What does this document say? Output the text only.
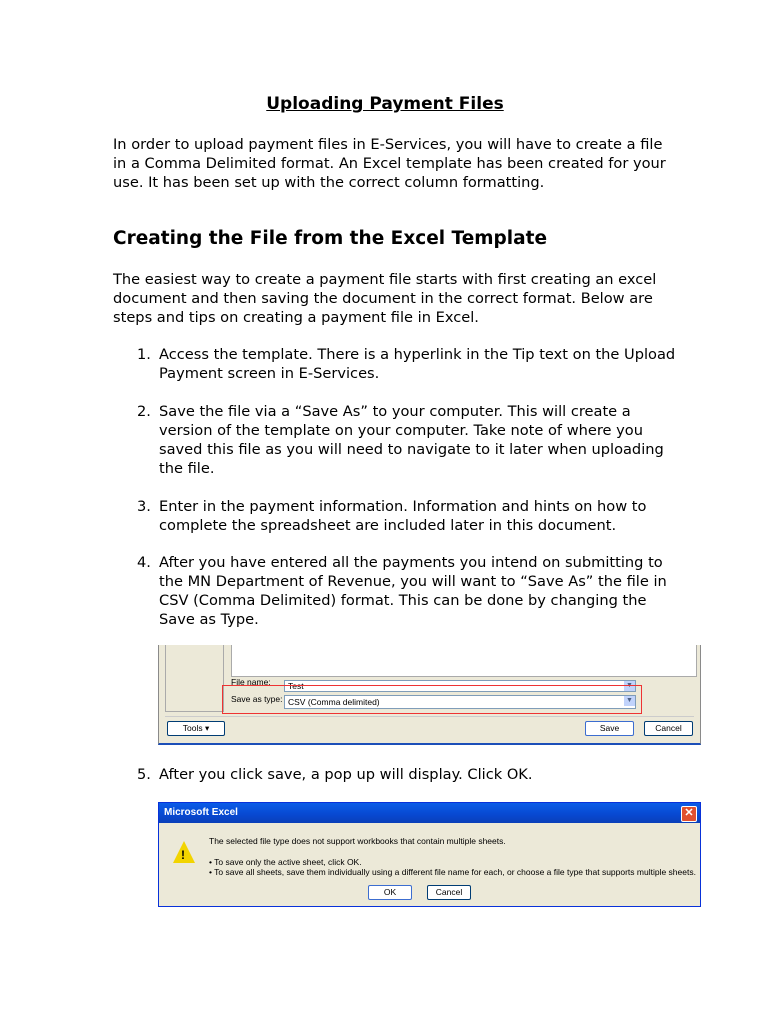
Uploading Payment Files
In order to upload payment files in E-Services, you will have to create a file in a Comma Delimited format. An Excel template has been created for your use. It has been set up with the correct column formatting.
Creating the File from the Excel Template
The easiest way to create a payment file starts with first creating an excel document and then saving the document in the correct format. Below are steps and tips on creating a payment file in Excel.
1. Access the template. There is a hyperlink in the Tip text on the Upload Payment screen in E-Services.
2. Save the file via a “Save As” to your computer. This will create a version of the template on your computer. Take note of where you saved this file as you will need to navigate to it later when uploading the file.
3. Enter in the payment information. Information and hints on how to complete the spreadsheet are included later in this document.
4. After you have entered all the payments you intend on submitting to the MN Department of Revenue, you will want to “Save As” the file in CSV (Comma Delimited) format. This can be done by changing the Save as Type.
File name:	Test	▼
Save as type: CSV (Comma delimited)	▼
Tools ▾	Save	Cancel
5. After you click save, a pop up will display. Click OK.
Microsoft Excel	✕
!
The selected file type does not support workbooks that contain multiple sheets.
• To save only the active sheet, click OK.
• To save all sheets, save them individually using a different file name for each, or choose a file type that supports multiple sheets.
OK	Cancel
